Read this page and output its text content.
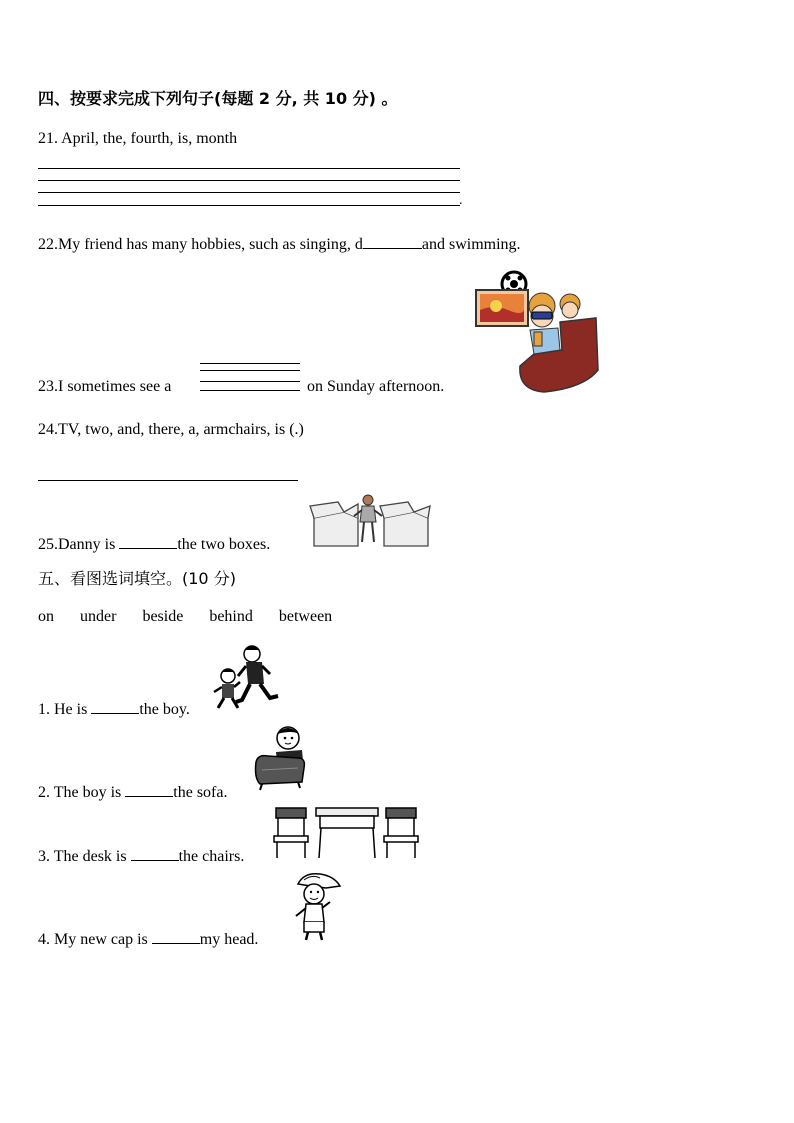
四、按要求完成下列句子(每题 2 分, 共 10 分) 。
21. April, the, fourth, is, month
.
22.My friend has many hobbies, such as singing, d	and swimming.
23.I sometimes see a	on Sunday afternoon.
24.TV, two, and, there, a, armchairs, is (.)
25.Danny is	the two boxes.
五、看图选词填空。(10 分)
on under beside behind between
1. He is	the boy.
2. The boy is	the sofa.
3. The desk is	the chairs.
4. My new cap is	my head.
